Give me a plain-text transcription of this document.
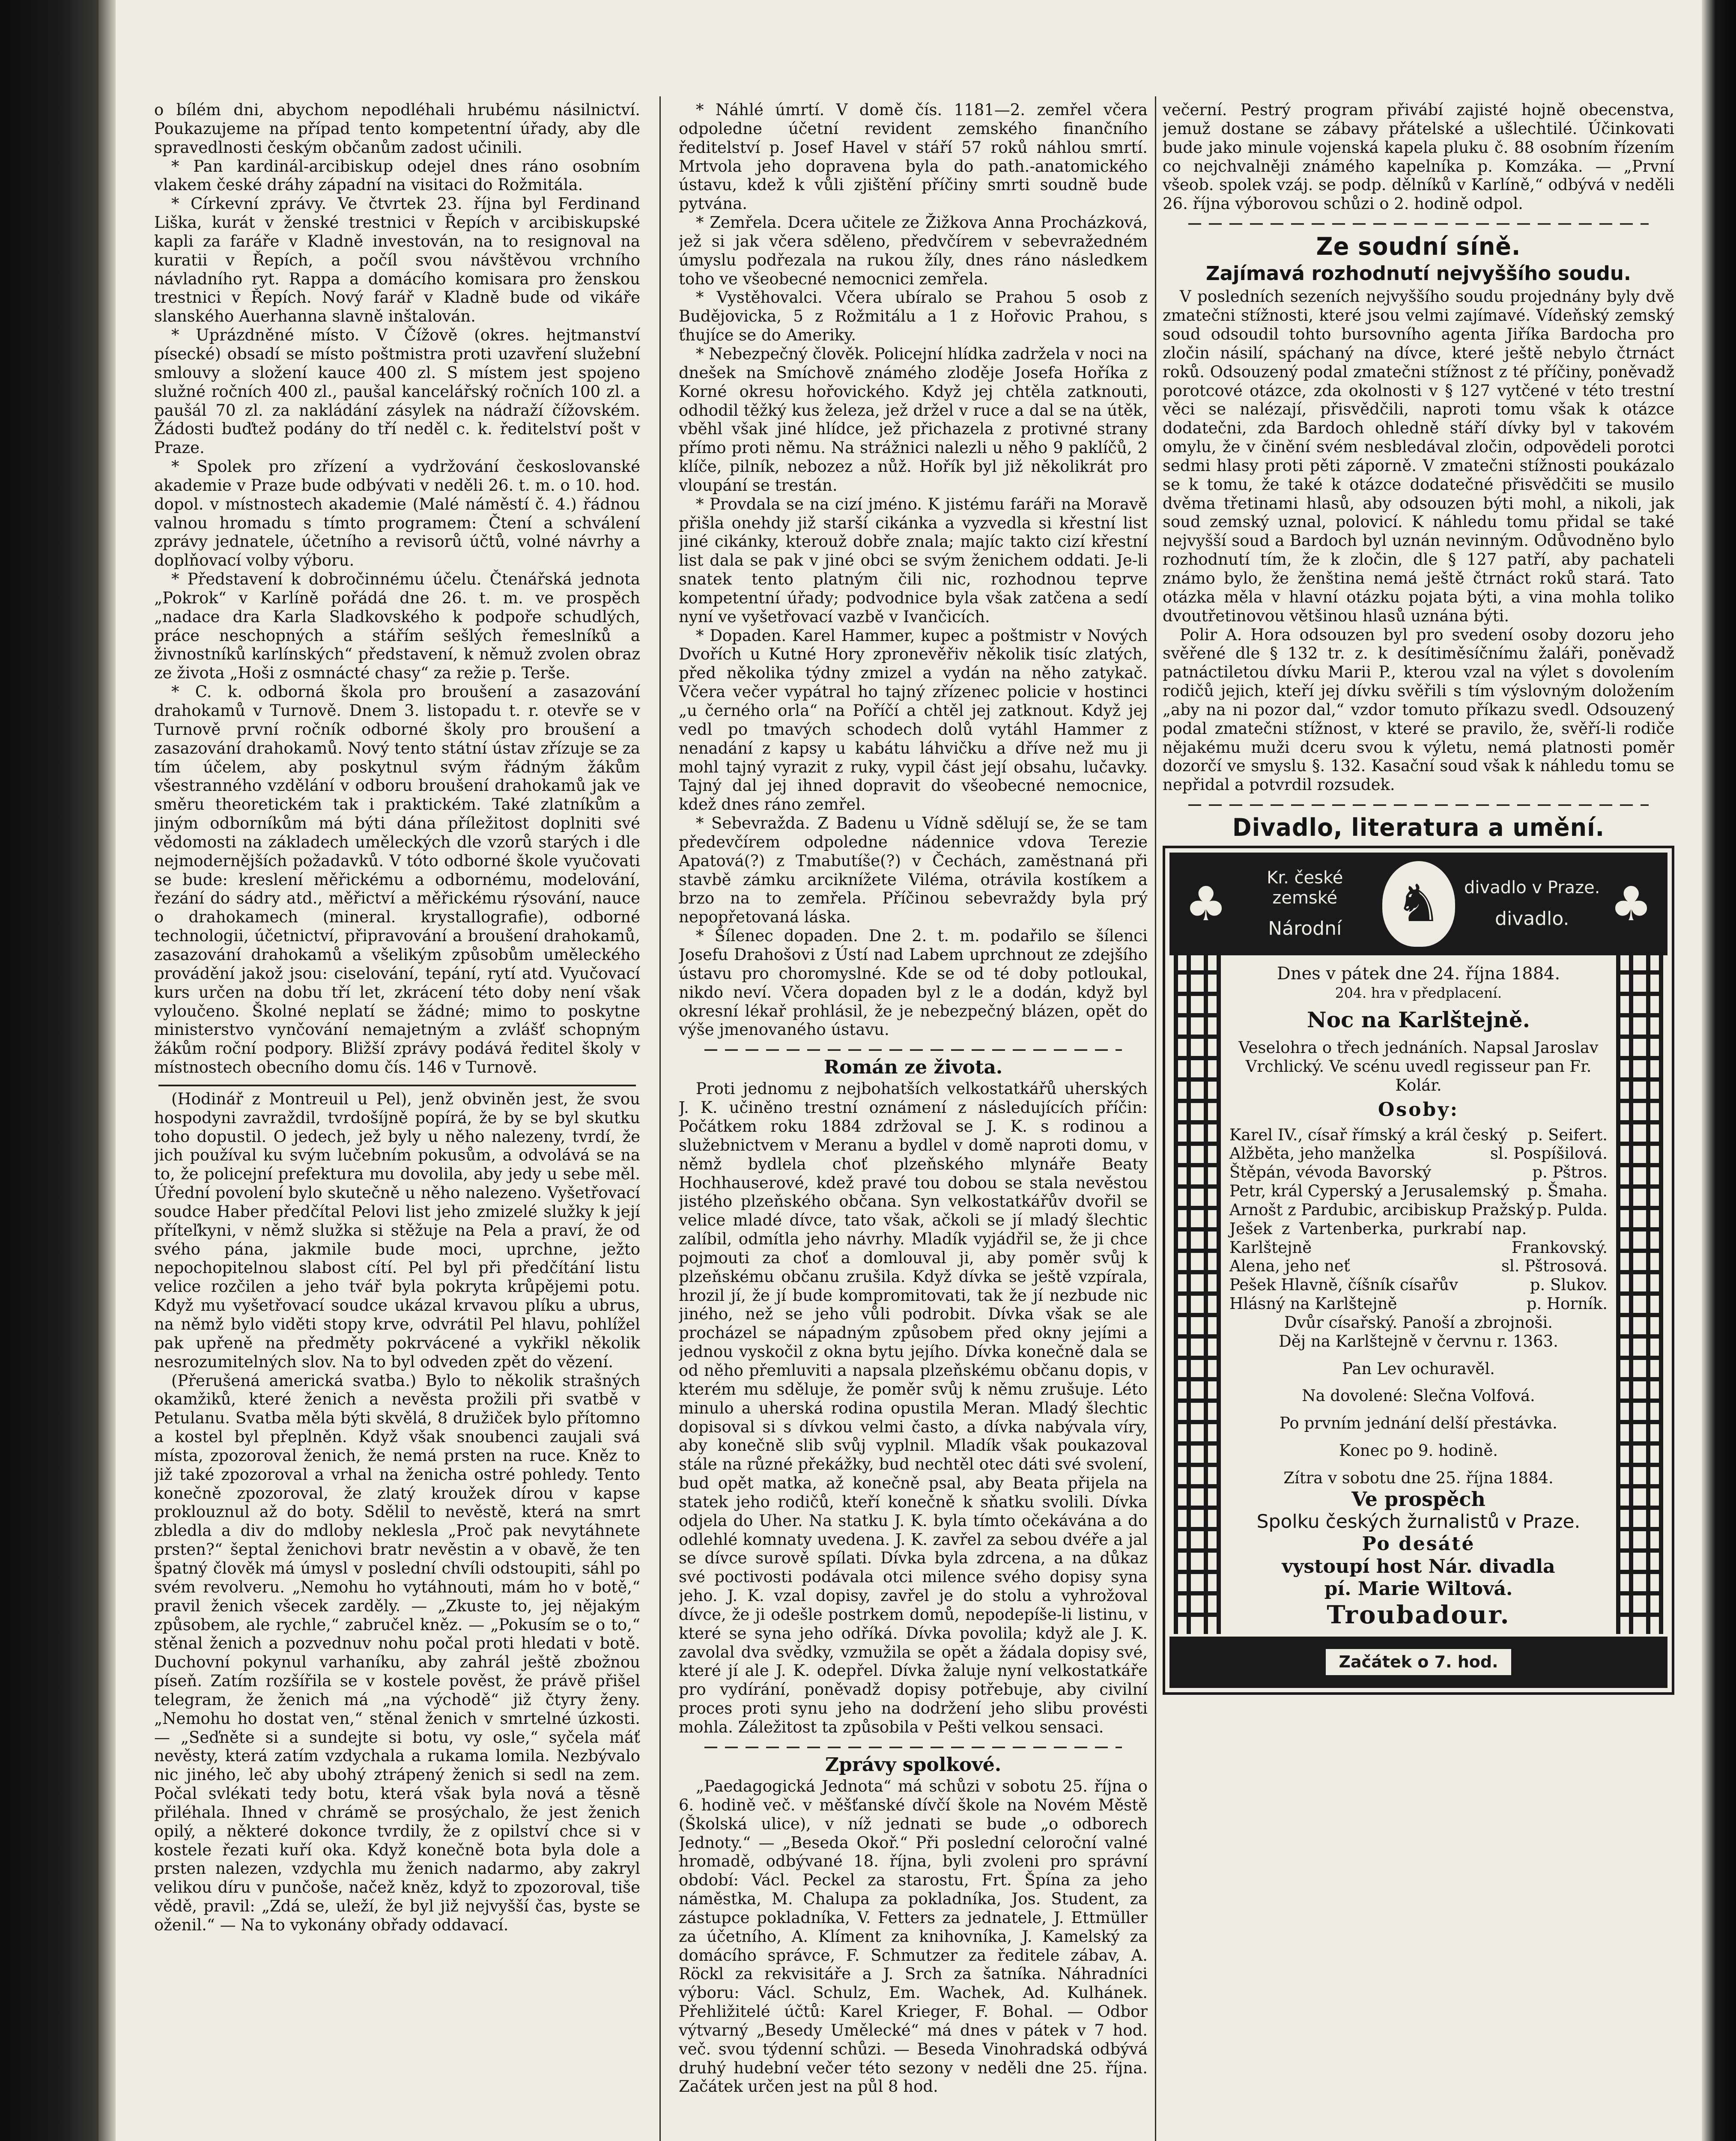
o bílém dni, abychom nepodléhali hrubému násilnictví. Poukazujeme na případ tento kompetentní úřady, aby dle spravedlnosti českým občanům zadost učinili.

* Pan kardinál-arcibiskup odejel dnes ráno osobním vlakem české dráhy západní na visitaci do Rožmitála.

* Církevní zprávy. Ve čtvrtek 23. října byl Ferdinand Liška, kurát v ženské trestnici v Řepích v arcibiskupské kapli za faráře v Kladně investován, na to resignoval na kuratii v Řepích, a počíl svou návštěvou vrchního návladního ryt. Rappa a domácího komisara pro ženskou trestnici v Řepích. Nový farář v Kladně bude od vikáře slanského Auerhanna slavně inštalován.

* Uprázdněné místo. V Čížově (okres. hejtmanství písecké) obsadí se místo poštmistra proti uzavření služební smlouvy a složení kauce 400 zl. S místem jest spojeno služné ročních 400 zl., paušal kancelářský ročních 100 zl. a paušál 70 zl. za nakládání zásylek na nádraží čížovském. Žádosti buďtež podány do tří neděl c. k. ředitelství pošt v Praze.

* Spolek pro zřízení a vydržování českoslovanské akademie v Praze bude odbývati v neděli 26. t. m. o 10. hod. dopol. v místnostech akademie (Malé náměstí č. 4.) řádnou valnou hromadu s tímto programem: Čtení a schválení zprávy jednatele, účetního a revisorů účtů, volné návrhy a doplňovací volby výboru.

* Představení k dobročinnému účelu. Čtenářská jednota „Pokrok“ v Karlíně pořádá dne 26. t. m. ve prospěch „nadace dra Karla Sladkovského k podpoře schudlých, práce neschopných a stářím sešlých řemeslníků a živnostníků karlínských“ představení, k němuž zvolen obraz ze života „Hoši z osmnácté chasy“ za režie p. Terše.

* C. k. odborná škola pro broušení a zasazování drahokamů v Turnově. Dnem 3. listopadu t. r. otevře se v Turnově první ročník odborné školy pro broušení a zasazování drahokamů. Nový tento státní ústav zřízuje se za tím účelem, aby poskytnul svým řádným žákům všestranného vzdělání v odboru broušení drahokamů jak ve směru theoretickém tak i praktickém. Také zlatníkům a jiným odborníkům má býti dána příležitost doplniti své vědomosti na základech uměleckých dle vzorů starých i dle nejmodernějších požadavků. V tóto odborné škole vyučovati se bude: kreslení měřickému a odbornému, modelování, řezání do sádry atd., měřictví a měřickému rýsování, nauce o drahokamech (mineral. krystallografie), odborné technologii, účetnictví, připravování a broušení drahokamů, zasazování drahokamů a všelikým způsobům uměleckého provádění jakož jsou: ciselování, tepání, rytí atd. Vyučovací kurs určen na dobu tří let, zkrácení této doby není však vyloučeno. Školné neplatí se žádné; mimo to poskytne ministerstvo vynčování nemajetným a zvlášť schopným žákům roční podpory. Bližší zprávy podává ředitel školy v místnostech obecního domu čís. 146 v Turnově.

(Hodinář z Montreuil u Pel), jenž obviněn jest, že svou hospodyni zavraždil, tvrdošíjně popírá, že by se byl skutku toho dopustil. O jedech, jež byly u něho nalezeny, tvrdí, že jich používal ku svým lučebním pokusům, a odvolává se na to, že policejní prefektura mu dovolila, aby jedy u sebe měl. Úřední povolení bylo skutečně u něho nalezeno. Vyšetřovací soudce Haber předčítal Pelovi list jeho zmizelé služky k její příteľkyni, v němž služka si stěžuje na Pela a praví, že od svého pána, jakmile bude moci, uprchne, ježto nepochopitelnou slabost cítí. Pel byl při předčítání listu velice rozčilen a jeho tvář byla pokryta krůpějemi potu. Když mu vyšetřovací soudce ukázal krvavou plíku a ubrus, na němž bylo viděti stopy krve, odvrátil Pel hlavu, pohlížel pak upřeně na předměty pokrvácené a vykřikl několik nesrozumitelných slov. Na to byl odveden zpět do vězení.

(Přerušená americká svatba.) Bylo to několik strašných okamžiků, které ženich a nevěsta prožili při svatbě v Petulanu. Svatba měla býti skvělá, 8 družiček bylo přítomno a kostel byl přeplněn. Když však snoubenci zaujali svá místa, zpozoroval ženich, že nemá prsten na ruce. Kněz to již také zpozoroval a vrhal na ženicha ostré pohledy. Tento konečně zpozoroval, že zlatý kroužek dírou v kapse proklouznul až do boty. Sdělil to nevěstě, která na smrt zbledla a div do mdloby neklesla „Proč pak nevytáhnete prsten?“ šeptal ženichovi bratr nevěstin a v obavě, že ten špatný člověk má úmysl v poslední chvíli odstoupiti, sáhl po svém revolveru. „Nemohu ho vytáhnouti, mám ho v botě,“ pravil ženich všecek zarděly. — „Zkuste to, jej nějakým způsobem, ale rychle,“ zabručel kněz. — „Pokusím se o to,“ stěnal ženich a pozvednuv nohu počal proti hledati v botě. Duchovní pokynul varhaníku, aby zahrál ještě zbožnou píseň. Zatím rozšířila se v kostele pověst, že právě přišel telegram, že ženich má „na východě“ již čtyry ženy. „Nemohu ho dostat ven,“ stěnal ženich v smrtelné úzkosti. — „Seďněte si a sundejte si botu, vy osle,“ syčela máť nevěsty, která zatím vzdychala a rukama lomila. Nezbývalo nic jiného, leč aby ubohý ztrápený ženich si sedl na zem. Počal svlékati tedy botu, která však byla nová a těsně přiléhala. Ihned v chrámě se prosýchalo, že jest ženich opilý, a některé dokonce tvrdily, že z opilství chce si v kostele řezati kuří oka. Když konečně bota byla dole a prsten nalezen, vzdychla mu ženich nadarmo, aby zakryl velikou díru v punčoše, načež kněz, když to zpozoroval, tiše vědě, pravil: „Zdá se, uleží, že byl již nejvyšší čas, byste se oženil.“ — Na to vykonány obřady oddavací.

* Náhlé úmrtí. V domě čís. 1181—2. zemřel včera odpoledne účetní revident zemského finančního ředitelství p. Josef Havel v stáří 57 roků náhlou smrtí. Mrtvola jeho dopravena byla do path.-anatomického ústavu, kdež k vůli zjištění příčiny smrti soudně bude pytvána.

* Zemřela. Dcera učitele ze Žižkova Anna Procházková, jež si jak včera sděleno, předvčírem v sebevražedném úmyslu podřezala na rukou žíly, dnes ráno následkem toho ve všeobecné nemocnici zemřela.

* Vystěhovalci. Včera ubíralo se Prahou 5 osob z Budějovicka, 5 z Rožmitálu a 1 z Hořovic Prahou, s ťhujíce se do Ameriky.

* Nebezpečný člověk. Policejní hlídka zadržela v noci na dnešek na Smíchově známého zloděje Josefa Hoříka z Korné okresu hořovického. Když jej chtěla zatknouti, odhodil těžký kus železa, jež držel v ruce a dal se na útěk, vběhl však jiné hlídce, jež přichazela z protivné strany přímo proti němu. Na strážnici nalezli u něho 9 paklíčů, 2 klíče, pilník, nebozez a nůž. Hořík byl již několikrát pro vloupání se trestán.

* Provdala se na cizí jméno. K jistému faráři na Moravě přišla onehdy již starší cikánka a vyzvedla si křestní list jiné cikánky, kterouž dobře znala; majíc takto cizí křestní list dala se pak v jiné obci se svým ženichem oddati. Je-li snatek tento platným čili nic, rozhodnou teprve kompetentní úřady; podvodnice byla však zatčena a sedí nyní ve vyšetřovací vazbě v Ivančicích.

* Dopaden. Karel Hammer, kupec a poštmistr v Nových Dvořích u Kutné Hory zpronevěřiv několik tisíc zlatých, před několika týdny zmizel a vydán na něho zatykač. Včera večer vypátral ho tajný zřízenec policie v hostinci „u černého orla“ na Poříčí a chtěl jej zatknout. Když jej vedl po tmavých schodech dolů vytáhl Hammer z nenadání z kapsy u kabátu láhvičku a dříve než mu ji mohl tajný vyrazit z ruky, vypil část její obsahu, lučavky. Tajný dal jej ihned dopravit do všeobecné nemocnice, kdež dnes ráno zemřel.

* Sebevražda. Z Badenu u Vídně sdělují se, že se tam předevčírem odpoledne nádennice vdova Terezie Apatová(?) z Tmabutíše(?) v Čechách, zaměstnaná při stavbě zámku arciknížete Viléma, otrávila kostíkem a brzo na to zemřela. Příčinou sebevraždy byla prý nepopřetovaná láska.

* Šílenec dopaden. Dne 2. t. m. podařilo se šílenci Josefu Drahošovi z Ústí nad Labem uprchnout ze zdejšího ústavu pro choromyslné. Kde se od té doby potloukal, nikdo neví. Včera dopaden byl z le a dodán, když byl okresní lékař prohlásil, že je nebezpečný blázen, opět do výše jmenovaného ústavu.

Román ze života.

Proti jednomu z nejbohatších velkostatkářů uherských J. K. učiněno trestní oznámení z následujících příčin: Počátkem roku 1884 zdržoval se J. K. s rodinou a služebnictvem v Meranu a bydlel v domě naproti domu, v němž bydlela choť plzeňského mlynáře Beaty Hochhauserové, kdež pravé tou dobou se stala nevěstou jistého plzeňského občana. Syn velkostatkářův dvořil se velice mladé dívce, tato však, ačkoli se jí mladý šlechtic zalíbil, odmítla jeho návrhy. Mladík vyjádřil se, že ji chce pojmouti za choť a domlouval ji, aby poměr svůj k plzeňskému občanu zrušila. Když dívka se ještě vzpírala, hrozil jí, že jí bude kompromitovati, tak že jí nezbude nic jiného, než se jeho vůli podrobit. Dívka však se ale procházel se nápadným způsobem před okny jejími a jednou vyskočil z okna bytu jejího. Dívka konečně dala se od něho přemluviti a napsala plzeňskému občanu dopis, v kterém mu sděluje, že poměr svůj k němu zrušuje. Léto minulo a uherská rodina opustila Meran. Mladý šlechtic dopisoval si s dívkou velmi často, a dívka nabývala víry, aby konečně slib svůj vyplnil. Mladík však poukazoval stále na různé překážky, bud nechtěl otec dáti své svolení, bud opět matka, až konečně psal, aby Beata přijela na statek jeho rodičů, kteří konečně k sňatku svolili. Dívka odjela do Uher. Na statku J. K. byla tímto očekávána a do odlehlé komnaty uvedena. J. K. zavřel za sebou dvéře a jal se dívce surově spílati. Dívka byla zdrcena, a na důkaz své poctivosti podávala otci milence svého dopisy syna jeho. J. K. vzal dopisy, zavřel je do stolu a vyhrožoval dívce, že ji odešle postrkem domů, nepodepíše-li listinu, v které se syna jeho odříká. Dívka povolila; když ale J. K. zavolal dva svědky, vzmužila se opět a žádala dopisy své, které jí ale J. K. odepřel. Dívka žaluje nyní velkostatkáře pro vydírání, poněvadž dopisy potřebuje, aby civilní proces proti synu jeho na dodržení jeho slibu provésti mohla. Záležitost ta způsobila v Pešti velkou sensaci.

Zprávy spolkové.

„Paedagogická Jednota“ má schůzi v sobotu 25. října o 6. hodině več. v měšťanské dívčí škole na Novém Městě (Školská ulice), v níž jednati se bude „o odborech Jednoty.“ — „Beseda Okoř.“ Při poslední celoroční valné hromadě, odbývané 18. října, byli zvoleni pro správní období: Václ. Peckel za starostu, Frt. Špína za jeho náměstka, M. Chalupa za pokladníka, Jos. Student, za zástupce pokladníka, V. Fetters za jednatele, J. Ettmüller za účetního, A. Klíment za knihovníka, J. Kamelský za domácího správce, F. Schmutzer za ředitele zábav, A. Röckl za rekvisitáře a J. Srch za šatníka. Náhradníci výboru: Václ. Schulz, Em. Wachek, Ad. Kulhánek. Přehližitelé účtů: Karel Krieger, F. Bohal. — Odbor výtvarný „Besedy Umělecké“ má dnes v pátek v 7 hod. več. svou týdenní schůzi. — Beseda Vinohradská odbývá druhý hudební večer této sezony v neděli dne 25. října. Začátek určen jest na půl 8 hod.

večerní. Pestrý program přivábí zajisté hojně obecenstva, jemuž dostane se zábavy přátelské a ušlechtilé. Účinkovati bude jako minule vojenská kapela pluku č. 88 osobním řízením co nejchvalněji známého kapelníka p. Komzáka. — „První všeob. spolek vzáj. se podp. dělníků v Karlíně,“ odbývá v neděli 26. října výborovou schůzi o 2. hodině odpol.

Ze soudní síně.
Zajímavá rozhodnutí nejvyššího soudu.

V posledních sezeních nejvyššího soudu projednány byly dvě zmatečni stížnosti, které jsou velmi zajímavé. Vídeňský zemský soud odsoudil tohto bursovního agenta Jiříka Bardocha pro zločin násilí, spáchaný na dívce, které ještě nebylo čtrnáct roků. Odsouzený podal zmatečni stížnost z té příčiny, poněvadž porotcové otázce, zda okolnosti v § 127 vytčené v této trestní věci se nalézají, přisvědčili, naproti tomu však k otázce dodatečni, zda Bardoch ohledně stáří dívky byl v takovém omylu, že v činění svém nesbledával zločin, odpovědeli porotci sedmi hlasy proti pěti záporně. V zmatečni stížnosti poukázalo se k tomu, že také k otázce dodatečné přisvědčiti se musilo dvěma třetinami hlasů, aby odsouzen býti mohl, a nikoli, jak soud zemský uznal, polovicí. K náhledu tomu přidal se také nejvyšší soud a Bardoch byl uznán nevinným. Odůvodněno bylo rozhodnutí tím, že k zločin, dle § 127 patří, aby pachateli známo bylo, že ženština nemá ještě čtrnáct roků stará. Tato otázka měla v hlavní otázku pojata býti, a vina mohla toliko dvoutřetinovou většinou hlasů uznána býti.

Polir A. Hora odsouzen byl pro svedení osoby dozoru jeho svěřené dle § 132 tr. z. k desítiměsíčnímu žaláři, poněvadž patnáctiletou dívku Marii P., kterou vzal na výlet s dovolením rodičů jejich, kteří jej dívku svěřili s tím výslovným doložením „aby na ni pozor dal,“ vzdor tomuto příkazu svedl. Odsouzený podal zmatečni stížnost, v které se pravilo, že, svěří-li rodiče nějakému muži dceru svou k výletu, nemá platnosti poměr dozorčí ve smyslu §. 132. Kasační soud však k náhledu tomu se nepřidal a potvrdil rozsudek.

Divadlo, literatura a umění.
♣	Kr. české zemské
Národní	♞	divadlo v Praze.
divadlo. ♣
Dnes v pátek dne 24. října 1884.
204. hra v předplacení.
Noc na Karlštejně.
Veselohra o třech jednáních. Napsal Jaroslav Vrchlický. Ve scénu uvedl regisseur pan Fr. Kolár.
Osoby:
Karel IV., císař římský a král český p. Seifert.
Alžběta, jeho manželka	sl. Pospíšilová.
Štěpán, vévoda Bavorský	p. Pštros.
Petr, král Cyperský a Jerusalemský p. Šmaha.
Arnošt z Pardubic, arcibiskup Pražský p. Pulda.
Ješek z Vartenberka, purkrabí na Karlštejně
p. Frankovský.
Alena, jeho neť	sl. Pštrosová.
Pešek Hlavně, číšník císařův	p. Slukov.
Hlásný na Karlštejně	p. Horník.
Dvůr císařský. Panoší a zbrojnoši.
Děj na Karlštejně v červnu r. 1363.
Pan Lev ochuravěl.
Na dovolené: Slečna Volfová.
Po prvním jednání delší přestávka.
Konec po 9. hodině.
Zítra v sobotu dne 25. října 1884.
Ve prospěch
Spolku českých žurnalistů v Praze.
Po desáté
vystoupí host Nár. divadla
pí. Marie Wiltová.
Troubadour.
Začátek o 7. hod.
